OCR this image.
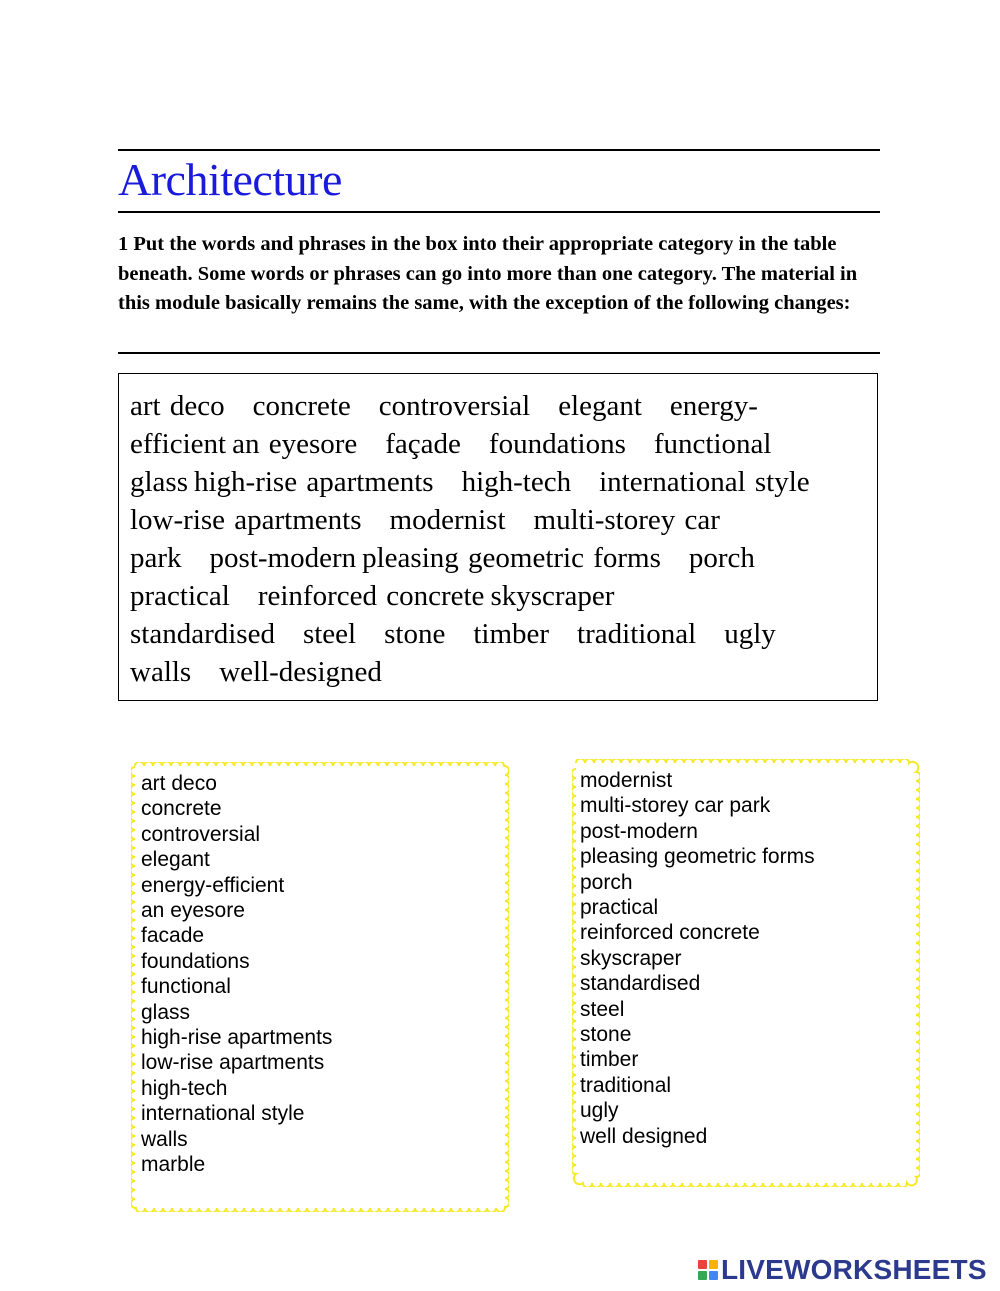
Architecture
1 Put the words and phrases in the box into their appropriate category in the table beneath. Some words or phrases can go into more than one category. The material in this module basically remains the same, with the exception of the following changes:
art deco concrete controversial elegant energy-
efficient an eyesore façade foundations functional
glass high-rise apartments high-tech international style
low-rise apartments modernist multi-storey car
park post-modern pleasing geometric forms porch
practical reinforced concrete skyscraper
standardised steel stone timber traditional ugly
walls well-designed
art deco
concrete
controversial
elegant
energy-efficient
an eyesore
facade
foundations
functional
glass
high-rise apartments
low-rise apartments
high-tech
international style
walls
marble
modernist
multi-storey car park
post-modern
pleasing geometric forms
porch
practical
reinforced concrete
skyscraper
standardised
steel
stone
timber
traditional
ugly
well designed
LIVEWORKSHEETS
